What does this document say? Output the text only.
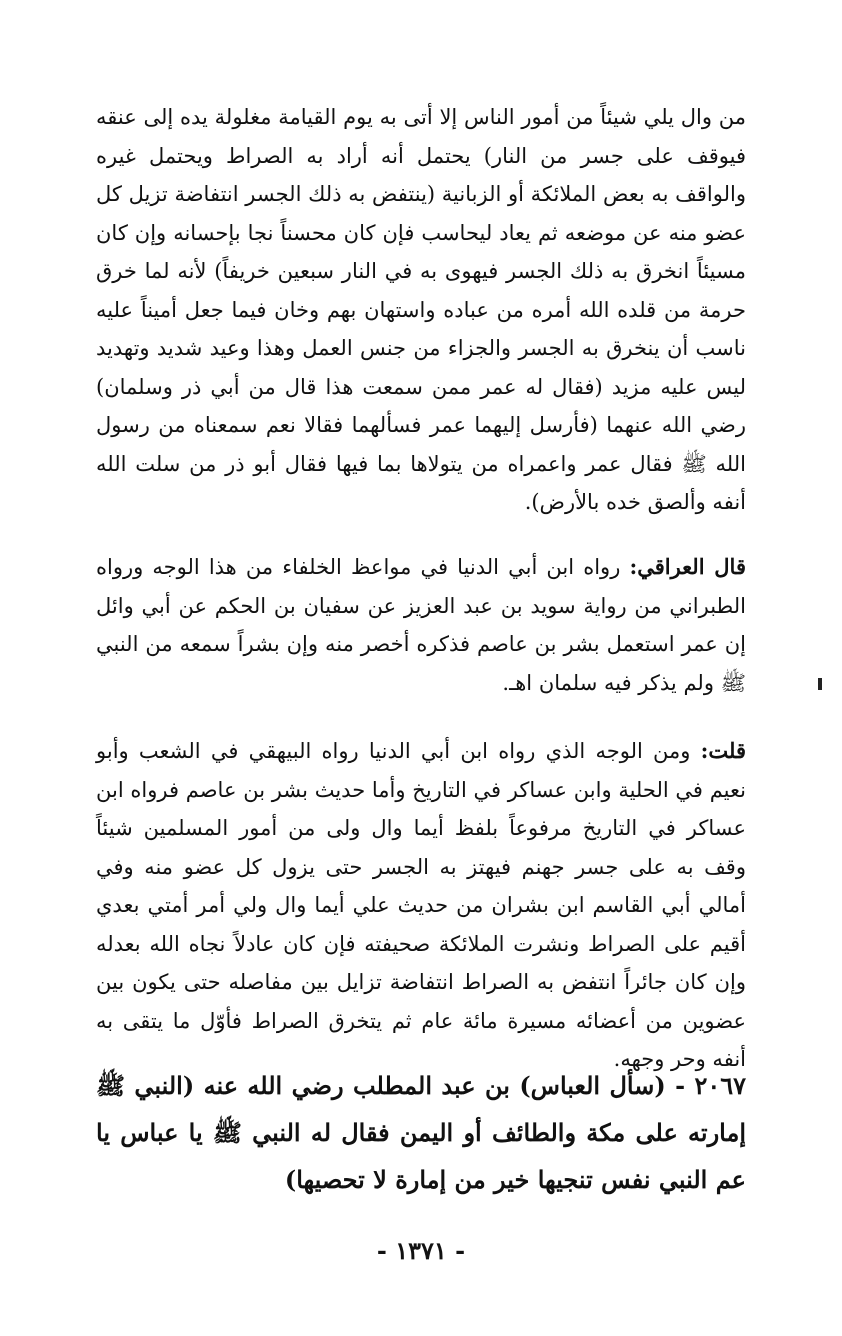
من وال يلي شيئاً من أمور الناس إلا أتى به يوم القيامة مغلولة يده إلى عنقه فيوقف على جسر من النار) يحتمل أنه أراد به الصراط ويحتمل غيره والواقف به بعض الملائكة أو الزبانية (ينتفض به ذلك الجسر انتفاضة تزيل كل عضو منه عن موضعه ثم يعاد ليحاسب فإن كان محسناً نجا بإحسانه وإن كان مسيئاً انخرق به ذلك الجسر فيهوى به في النار سبعين خريفاً) لأنه لما خرق حرمة من قلده الله أمره من عباده واستهان بهم وخان فيما جعل أميناً عليه ناسب أن ينخرق به الجسر والجزاء من جنس العمل وهذا وعيد شديد وتهديد ليس عليه مزيد (فقال له عمر ممن سمعت هذا قال من أبي ذر وسلمان) رضي الله عنهما (فأرسل إليهما عمر فسألهما فقالا نعم سمعناه من رسول الله ﷺ فقال عمر واعمراه من يتولاها بما فيها فقال أبو ذر من سلت الله أنفه وألصق خده بالأرض).
قال العراقي: رواه ابن أبي الدنيا في مواعظ الخلفاء من هذا الوجه ورواه الطبراني من رواية سويد بن عبد العزيز عن سفيان بن الحكم عن أبي وائل إن عمر استعمل بشر بن عاصم فذكره أخصر منه وإن بشراً سمعه من النبي ﷺ ولم يذكر فيه سلمان اهـ.
قلت: ومن الوجه الذي رواه ابن أبي الدنيا رواه البيهقي في الشعب وأبو نعيم في الحلية وابن عساكر في التاريخ وأما حديث بشر بن عاصم فرواه ابن عساكر في التاريخ مرفوعاً بلفظ أيما وال ولى من أمور المسلمين شيئاً وقف به على جسر جهنم فيهتز به الجسر حتى يزول كل عضو منه وفي أمالي أبي القاسم ابن بشران من حديث علي أيما وال ولي أمر أمتي بعدي أقيم على الصراط ونشرت الملائكة صحيفته فإن كان عادلاً نجاه الله بعدله وإن كان جائراً انتفض به الصراط انتفاضة تزايل بين مفاصله حتى يكون بين عضوين من أعضائه مسيرة مائة عام ثم يتخرق الصراط فأوّل ما يتقى به أنفه وحر وجهه.
٢٠٦٧ - (سأل العباس) بن عبد المطلب رضي الله عنه (النبي ﷺ إمارته على مكة والطائف أو اليمن فقال له النبي ﷺ يا عباس يا عم النبي نفس تنجيها خير من إمارة لا تحصيها)
- ١٣٧١ -
